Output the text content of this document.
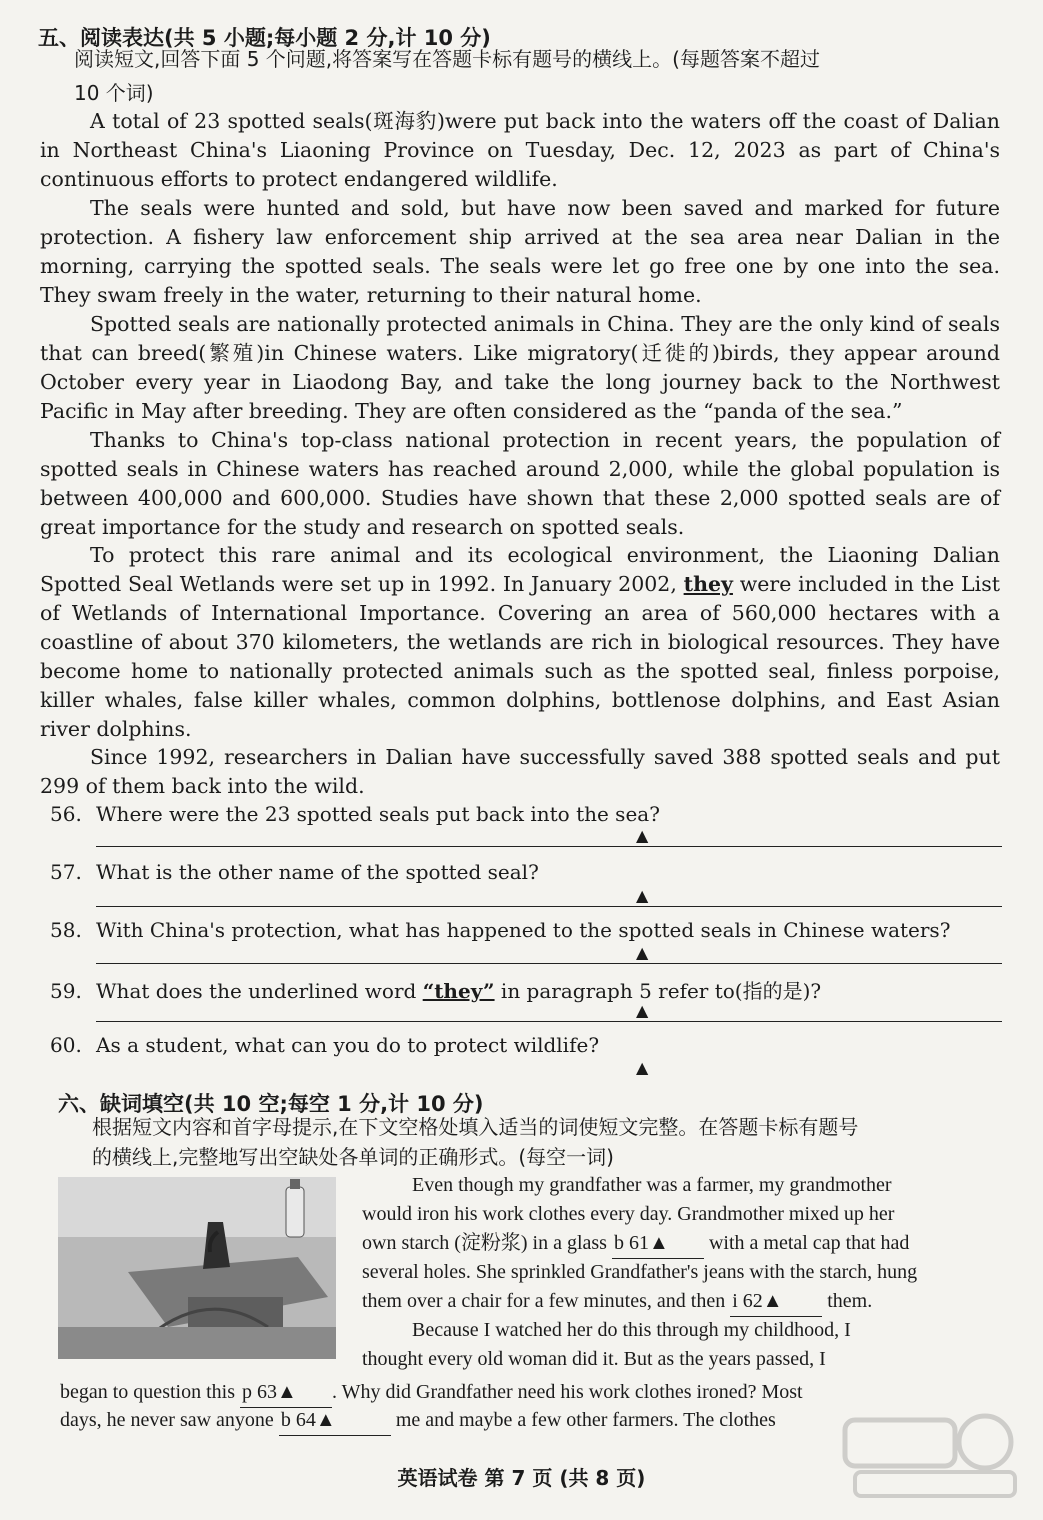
五、阅读表达(共 5 小题;每小题 2 分,计 10 分)
阅读短文,回答下面 5 个问题,将答案写在答题卡标有题号的横线上。(每题答案不超过
10 个词)

A total of 23 spotted seals(斑海豹)were put back into the waters off the coast of Dalian in Northeast China's Liaoning Province on Tuesday, Dec. 12, 2023 as part of China's continuous efforts to protect endangered wildlife.

The seals were hunted and sold, but have now been saved and marked for future protection. A fishery law enforcement ship arrived at the sea area near Dalian in the morning, carrying the spotted seals. The seals were let go free one by one into the sea. They swam freely in the water, returning to their natural home.

Spotted seals are nationally protected animals in China. They are the only kind of seals that can breed(繁殖)in Chinese waters. Like migratory(迁徙的)birds, they appear around October every year in Liaodong Bay, and take the long journey back to the Northwest Pacific in May after breeding. They are often considered as the “panda of the sea.”

Thanks to China's top-class national protection in recent years, the population of spotted seals in Chinese waters has reached around 2,000, while the global population is between 400,000 and 600,000. Studies have shown that these 2,000 spotted seals are of great importance for the study and research on spotted seals.

To protect this rare animal and its ecological environment, the Liaoning Dalian Spotted Seal Wetlands were set up in 1992. In January 2002, they were included in the List of Wetlands of International Importance. Covering an area of 560,000 hectares with a coastline of about 370 kilometers, the wetlands are rich in biological resources. They have become home to nationally protected animals such as the spotted seal, finless porpoise, killer whales, false killer whales, common dolphins, bottlenose dolphins, and East Asian river dolphins.

Since 1992, researchers in Dalian have successfully saved 388 spotted seals and put 299 of them back into the wild.

56. Where were the 23 spotted seals put back into the sea?
▲
57. What is the other name of the spotted seal?
▲
58. With China's protection, what has happened to the spotted seals in Chinese waters?
▲
59. What does the underlined word “they” in paragraph 5 refer to(指的是)?
▲
60. As a student, what can you do to protect wildlife?
▲
六、缺词填空(共 10 空;每空 1 分,计 10 分)
根据短文内容和首字母提示,在下文空格处填入适当的词使短文完整。在答题卡标有题号
的横线上,完整地写出空缺处各单词的正确形式。(每空一词)
Even though my grandfather was a farmer, my grandmother
would iron his work clothes every day. Grandmother mixed up her
own starch (淀粉浆) in a glass b 61▲ with a metal cap that had
several holes. She sprinkled Grandfather's jeans with the starch, hung
them over a chair for a few minutes, and then i 62▲ them.
Because I watched her do this through my childhood, I
thought every old woman did it. But as the years passed, I
began to question this p 63▲ . Why did Grandfather need his work clothes ironed? Most
days, he never saw anyone b 64▲	me and maybe a few other farmers. The clothes
英语试卷 第 7 页 (共 8 页)
